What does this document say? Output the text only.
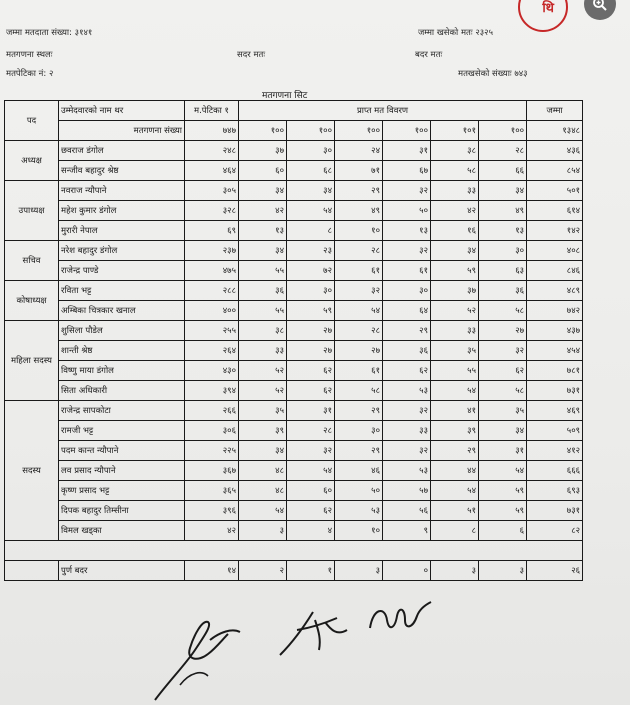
जम्मा मतदाता संख्या: ३१४१	जम्मा खसेको मतः २३२५
मतगणना स्थलः	सदर मतः	बदर मतः
मतपेटिका नं: २	मतखसेको संख्याः ७४३
मतगणना सिट
थि
पद	उम्मेदवारको नाम थर	म.पेटिका १	प्राप्त मत विवरण						जम्मा
	मतगणना संख्या	७४७	१००	१००	१००	१००	१०१	१००	१३४८
अध्यक्ष	छवराज डंगोल	२४८	३७	३०	२४	३१	३८	२८	४३६
	सन्जीव बहादुर श्रेष्ठ	४६४	६०	६८	७१	६७	५८	६६	८५४
उपाध्यक्ष	नवराज न्यौपाने	३०५	३४	३४	२९	३२	३३	३४	५०१
	महेश कुमार डंगोल	३२८	४२	५४	४९	५०	४२	४९	६१४
	मुरारी नेपाल	६९	१३	८	१०	१३	१६	१३	१४२
सचिव	नरेश बहादुर डंगोल	२३७	३४	२३	२८	३२	३४	३०	४०८
	राजेन्द्र पाण्डे	४७५	५५	७२	६१	६१	५९	६३	८४६
कोषाध्यक्ष	रविता भट्ट	२८८	३६	३०	३२	३०	३७	३६	४८९
	अम्बिका चित्रकार खनाल	४००	५५	५९	५४	६४	५२	५८	७४२
महिला सदस्य	शुसिला पौडेल	२५५	३८	२७	२८	२९	३३	२७	४३७
	शान्ती श्रेष्ठ	२६४	३३	२७	२७	३६	३५	३२	४५४
	विष्णु माया डंगोल	४३०	५२	६२	६१	६२	५५	६२	७८१
	सिता अधिकारी	३९४	५२	६२	५८	५३	५४	५८	७३१
सदस्य	राजेन्द्र सापकोटा	२६६	३५	३१	२९	३२	४१	३५	४६९
	रामजी भट्ट	३०६	३९	२८	३०	३३	३९	३४	५०९
	पदम कान्त न्यौपाने	२२५	३४	३२	२९	३२	२९	३१	४१२
	लव प्रसाद न्यौपाने	३६७	४८	५४	४६	५३	४४	५४	६६६
	कृष्ण प्रसाद भट्ट	३६५	४८	६०	५०	५७	५४	५९	६९३
	दिपक बहादुर तिम्सीना	३९६	५४	६२	५३	५६	५१	५९	७३१
	विमल खड्का	४२	३	४	१०	९	८	६	८२

	पुर्ण बदर	१४	२	१	३	०	३	३	२६
